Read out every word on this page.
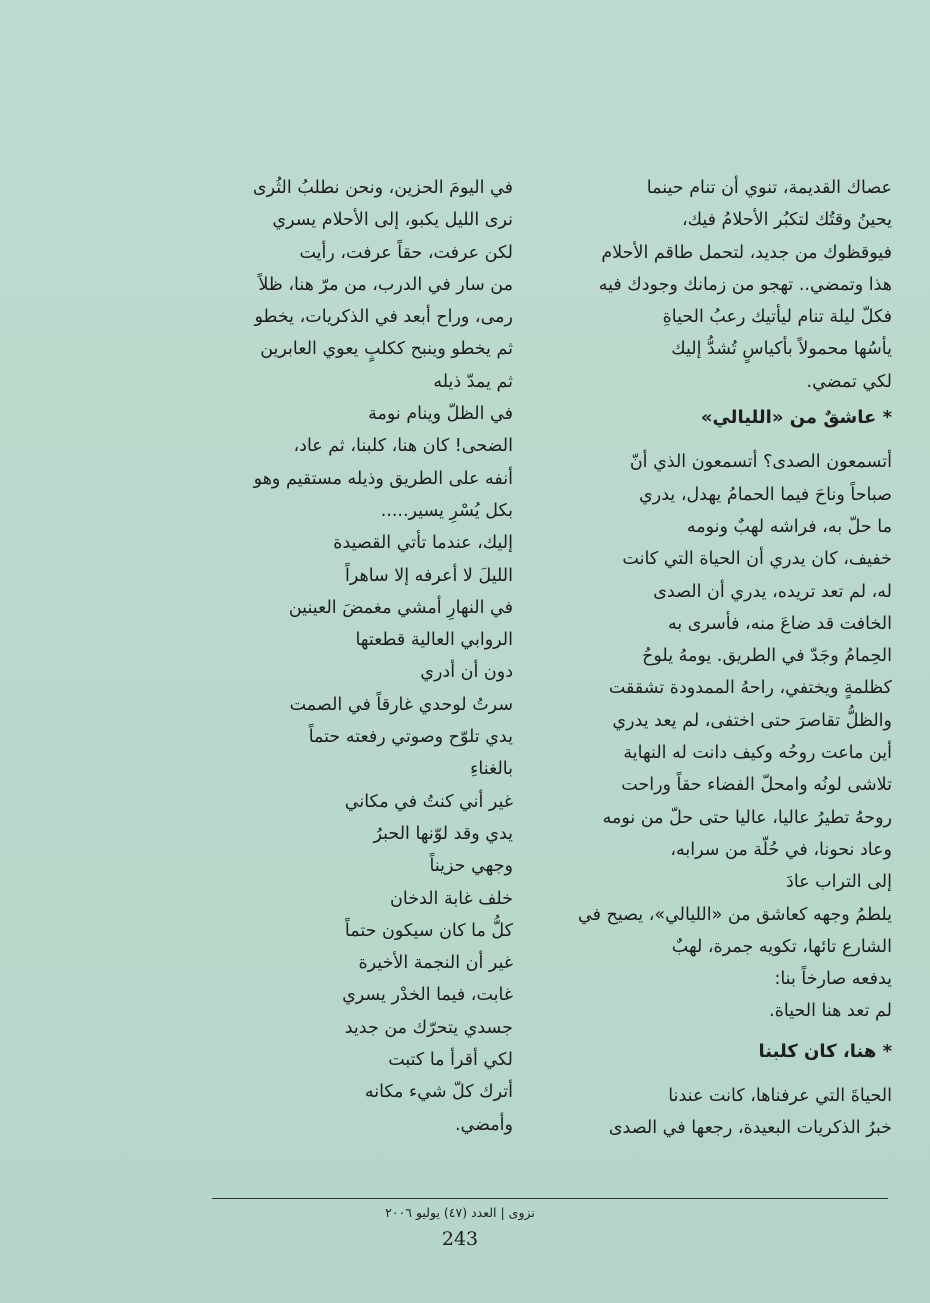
عصاك القديمة، تنوي أن تنام حينما

يحينُ وقتُك لتكبُر الأحلامُ فيك،

فيوقظوك من جديد، لتحمل طاقم الأحلام

هذا وتمضي.. تهجو من زمانك وجودك فيه

فكلّ ليلة تنام ليأتيك رعبُ الحياةِ

يأسُها محمولاً بأكياسٍ تُشدُّ إليك

لكي تمضي.

* عاشقٌ من «الليالي»

أتسمعون الصدى؟ أتسمعون الذي أنّ

صباحاً وناحَ فيما الحمامُ يهدل، يدري

ما حلّ به، فراشه لهبٌ ونومه

خفيف، كان يدري أن الحياة التي كانت

له، لم تعد تريده، يدري أن الصدى

الخافت قد ضاعَ منه، فأسرى به

الحِمامُ وجَدّ في الطريق. يومهُ يلوحُ

كظلمةٍ ويختفي، راحهُ الممدودة تشققت

والظلُّ تقاصرَ حتى اختفى، لم يعد يدري

أين ماعت روحُه وكيف دانت له النهاية

تلاشى لونُه وامحلّ الفضاء حقاً وراحت

روحهُ تطيرُ عاليا، عاليا حتى حلّ من نومه

وعاد نحونا، في حُلّة من سرابه،

إلى التراب عادَ

يلطمُ وجهه كعاشق من «الليالي»، يصيح في

الشارع تائها، تكويه جمرة، لهبٌ

يدفعه صارخاً بنا:

لم تعد هنا الحياة.

* هنا، كان كلبنا

الحياةَ التي عرفناها، كانت عندنا

خبرُ الذكريات البعيدة، رجعها في الصدى

في اليومَ الحزين، ونحن نطلبُ الثُرى

نرى الليل يكبو، إلى الأحلام يسري

لكن عرفت، حقاً عرفت، رأيت

من سار في الدرب، من مرّ هنا، ظلاً

رمى، وراح أبعد في الذكريات، يخطو

ثم يخطو وينبح ككلبٍ يعوي العابرين

ثم يمدّ ذيله

في الظلّ وينام نومة

الضحى! كان هنا، كلبنا، ثم عاد،

أنفه على الطريق وذيله مستقيم وهو

بكل يُسْرِ يسير.....

إليك، عندما تأتي القصيدة

الليلَ لا أعرفه إلا ساهراً

في النهارِ أمشي مغمضَ العينين

الروابي العالية قطعتها

دون أن أدري

سرتُ لوحدي غارقاً في الصمت

يدي تلوّح وصوتي رفعته حتماً

بالغناءِ

غير أني كنتُ في مكاني

يدي وقد لوّنها الحبرُ

وجهي حزيناً

خلف غابة الدخان

كلُّ ما كان سيكون حتماً

غير أن النجمة الأخيرة

غابت، فيما الخدْر يسري

جسدي يتحرّك من جديد

لكي أقرأ ما كتبت

أترك كلّ شيء مكانه

وأمضي.

نزوى | العدد (٤٧) يوليو ٢٠٠٦
243
